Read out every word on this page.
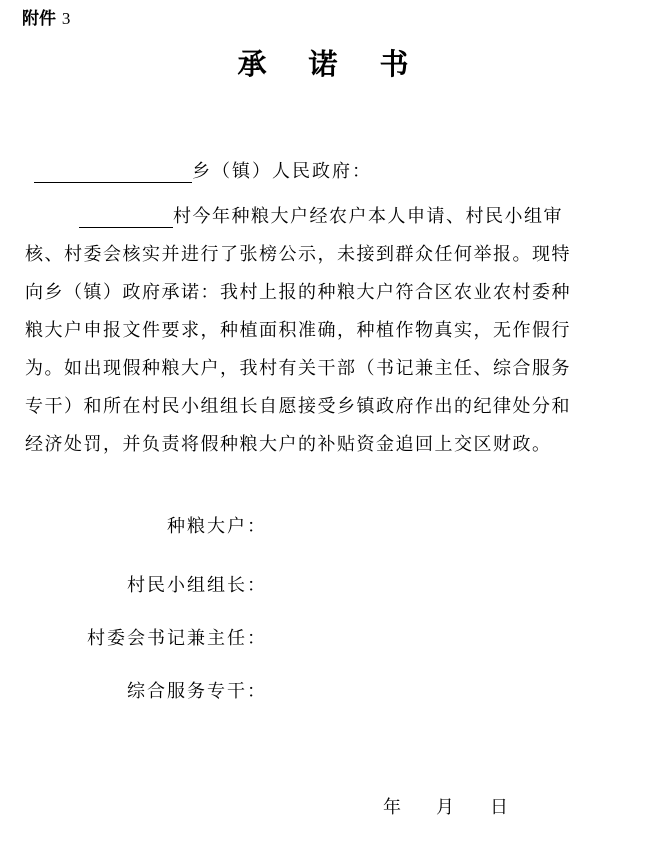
附件 3
承诺书
乡（镇）人民政府：
村今年种粮大户经农户本人申请、村民小组审
核、村委会核实并进行了张榜公示，未接到群众任何举报。现特
向乡（镇）政府承诺：我村上报的种粮大户符合区农业农村委种
粮大户申报文件要求，种植面积准确，种植作物真实，无作假行
为。如出现假种粮大户，我村有关干部（书记兼主任、综合服务
专干）和所在村民小组组长自愿接受乡镇政府作出的纪律处分和
经济处罚，并负责将假种粮大户的补贴资金追回上交区财政。
种粮大户：
村民小组组长：
村委会书记兼主任：
综合服务专干：
年 月 日
